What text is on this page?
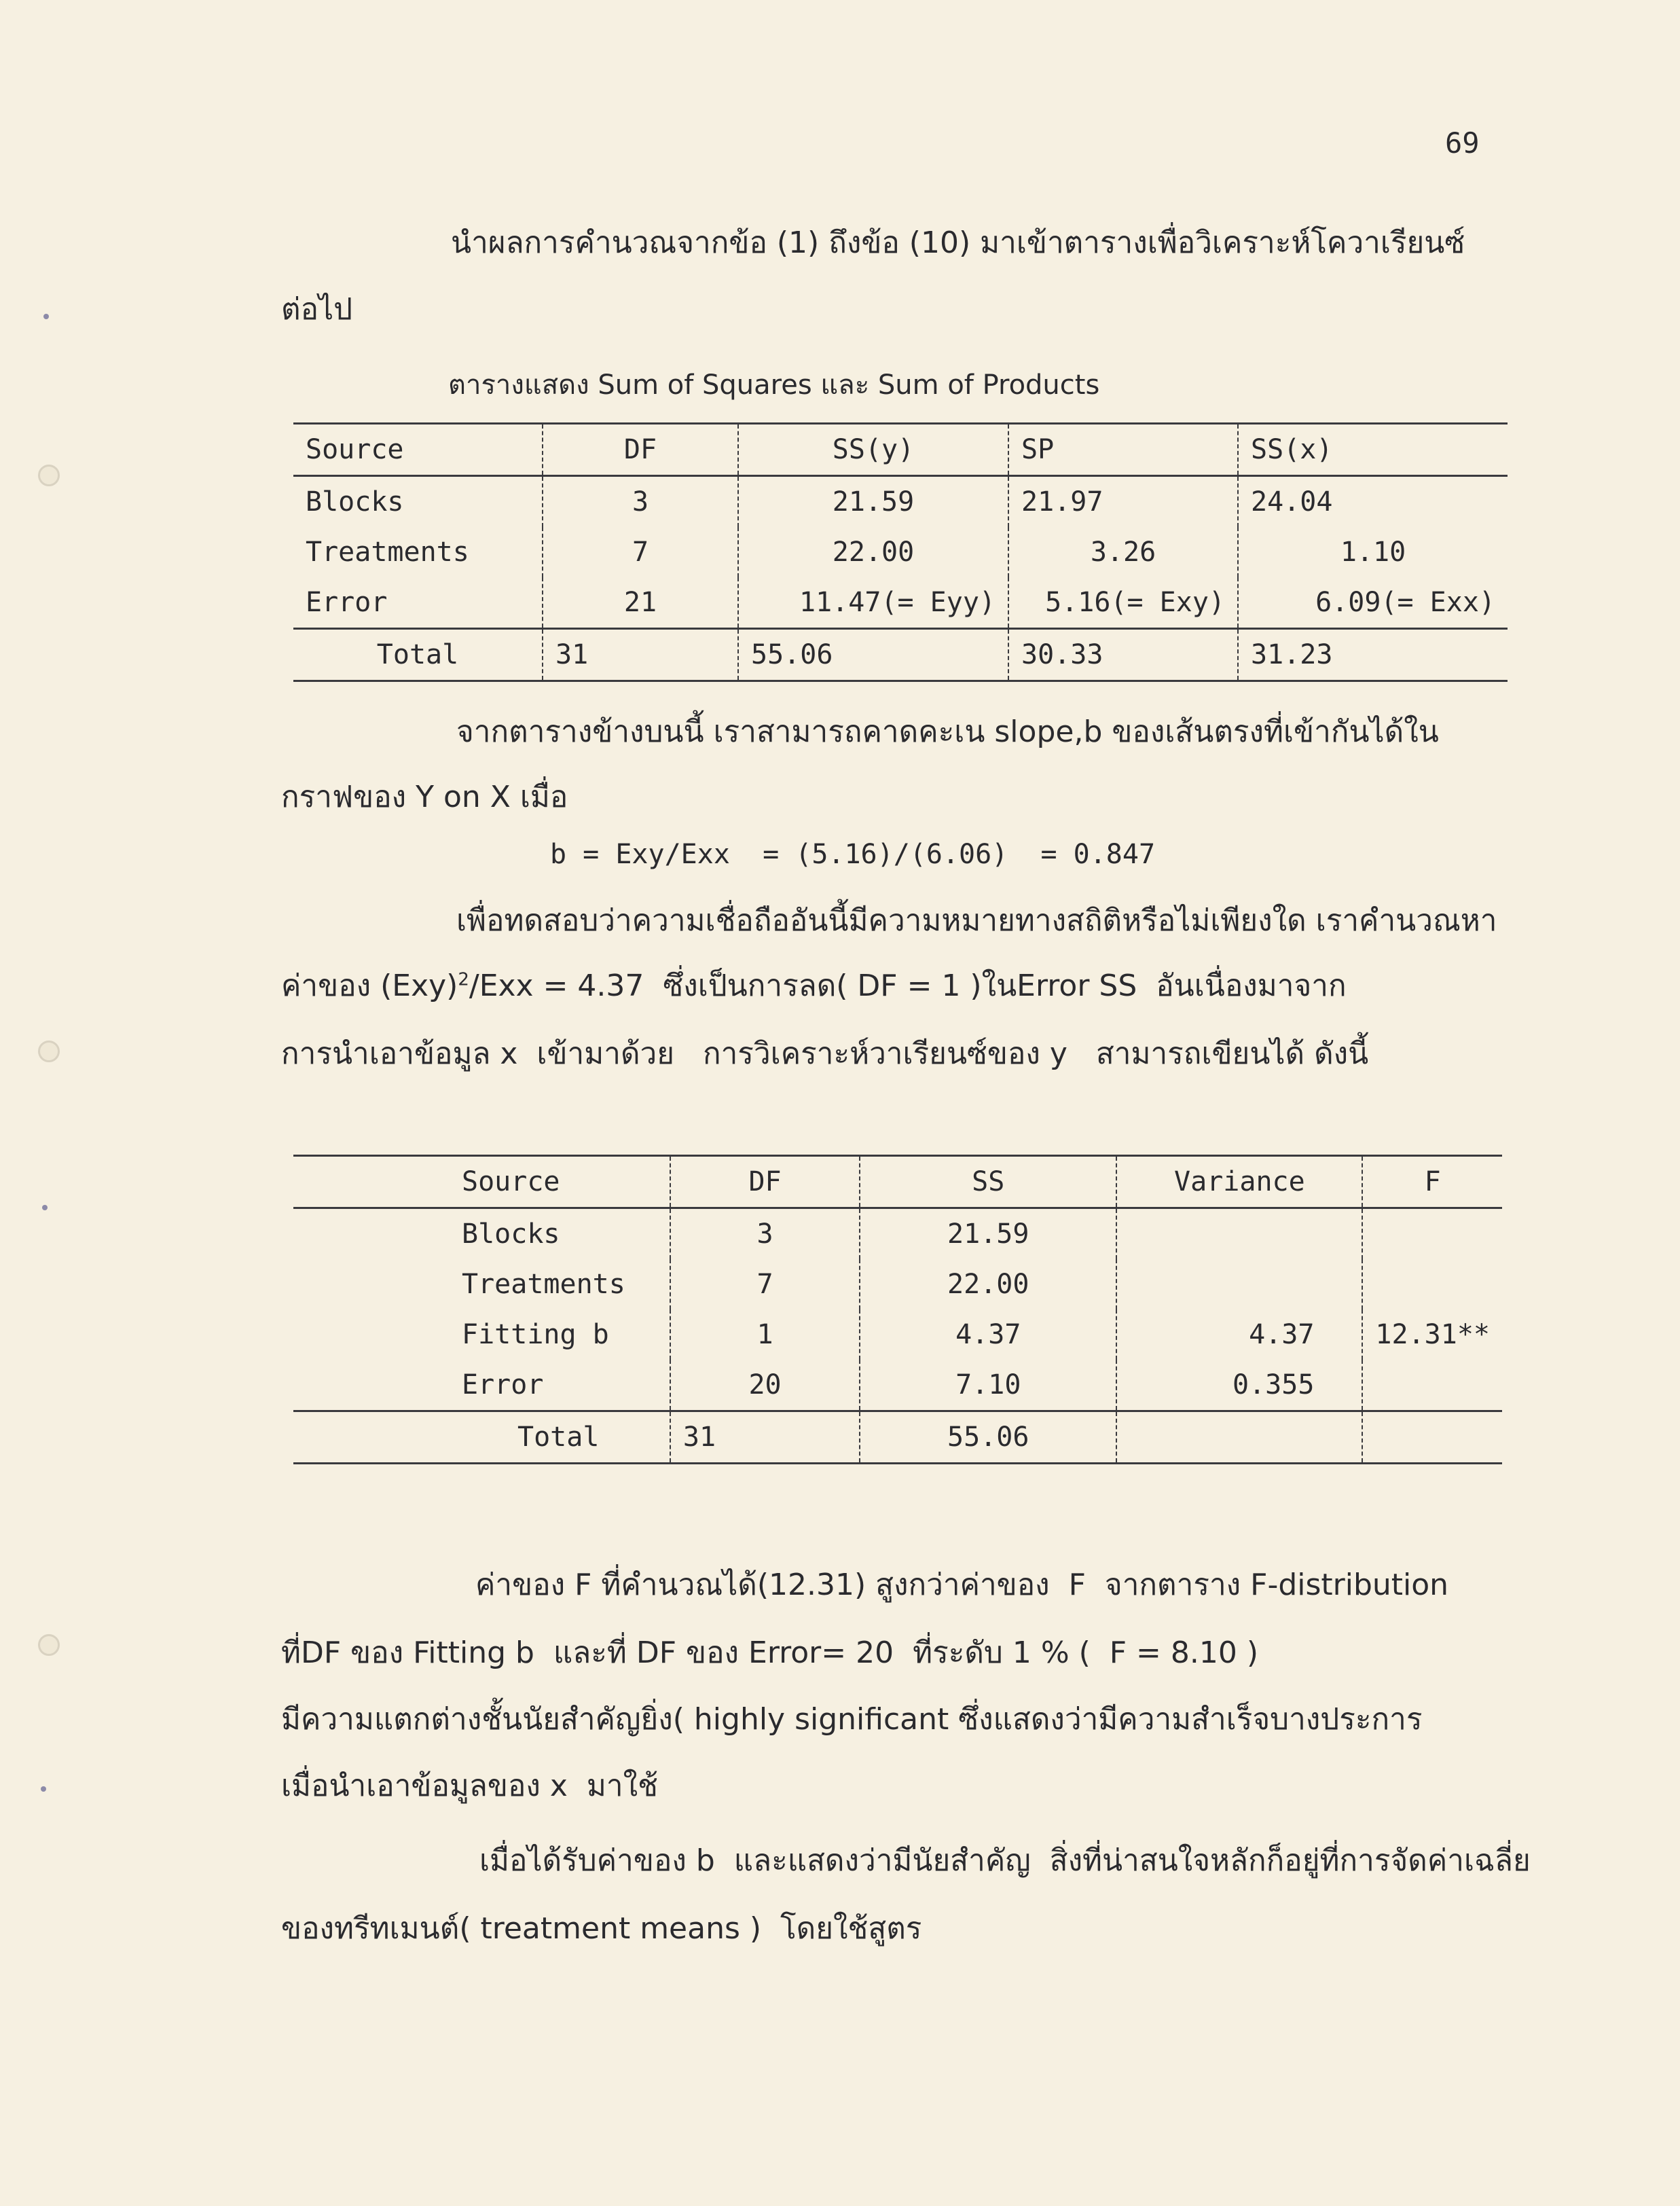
69
นำผลการคำนวณจากข้อ (1) ถึงข้อ (10) มาเข้าตารางเพื่อวิเคราะห์โควาเรียนซ์
ต่อไป
ตารางแสดง Sum of Squares และ Sum of Products
Source	DF	SS(y)	SP	SS(x)
Blocks	3	21.59	21.97	24.04
Treatments	7	22.00	3.26	1.10
Error	21	11.47(= Eyy)	5.16(= Exy)	6.09(= Exx)
Total	31	55.06	30.33	31.23
จากตารางข้างบนนี้ เราสามารถคาดคะเน slope,b ของเส้นตรงที่เข้ากันได้ใน
กราฟของ Y on X เมื่อ
b = Exy/Exx  = (5.16)/(6.06)  = 0.847
เพื่อทดสอบว่าความเชื่อถืออันนี้มีความหมายทางสถิติหรือไม่เพียงใด เราคำนวณหา
ค่าของ (Exy)$^2$/Exx = 4.37  ซึ่งเป็นการลด( DF = 1 )ในError SS  อันเนื่องมาจาก
การนำเอาข้อมูล x  เข้ามาด้วย   การวิเคราะห์วาเรียนซ์ของ y   สามารถเขียนได้ ดังนี้
Source	DF	SS	Variance	F
Blocks	3	21.59		
Treatments	7	22.00		
Fitting b	1	4.37	4.37	12.31**
Error	20	7.10	0.355	
Total	31	55.06		
ค่าของ F ที่คำนวณได้(12.31) สูงกว่าค่าของ  F  จากตาราง F-distribution
ที่DF ของ Fitting b  และที่ DF ของ Error= 20  ที่ระดับ 1 % (  F = 8.10 )
มีความแตกต่างชั้นนัยสำคัญยิ่ง( highly significant ซึ่งแสดงว่ามีความสำเร็จบางประการ
เมื่อนำเอาข้อมูลของ x  มาใช้
เมื่อได้รับค่าของ b  และแสดงว่ามีนัยสำคัญ  สิ่งที่น่าสนใจหลักก็อยู่ที่การจัดค่าเฉลี่ย
ของทรีทเมนต์( treatment means )  โดยใช้สูตร
